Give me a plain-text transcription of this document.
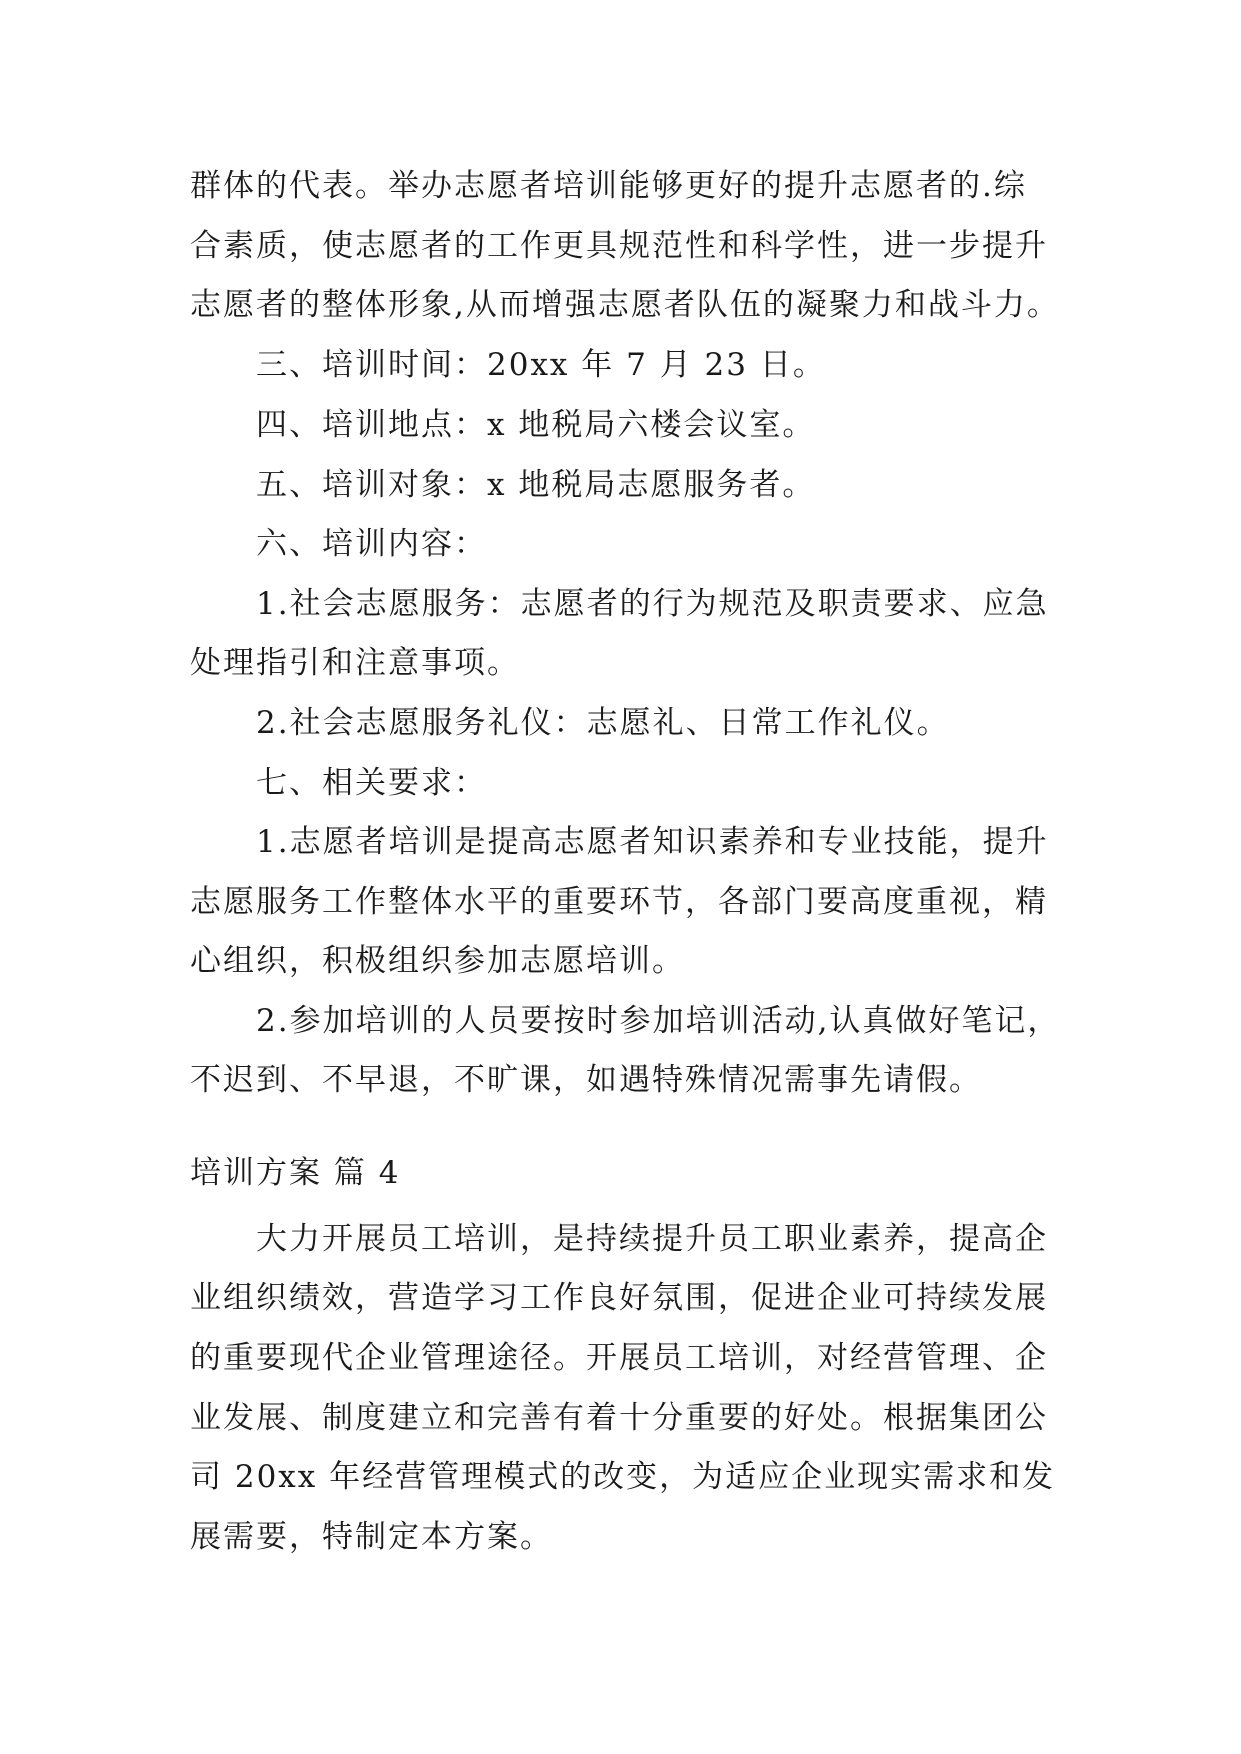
群体的代表。举办志愿者培训能够更好的提升志愿者的.综
合素质，使志愿者的工作更具规范性和科学性，进一步提升
志愿者的整体形象,从而增强志愿者队伍的凝聚力和战斗力。
三、培训时间：20xx 年 7 月 23 日。
四、培训地点：x 地税局六楼会议室。
五、培训对象：x 地税局志愿服务者。
六、培训内容：
1.社会志愿服务：志愿者的行为规范及职责要求、应急
处理指引和注意事项。
2.社会志愿服务礼仪：志愿礼、日常工作礼仪。
七、相关要求：
1.志愿者培训是提高志愿者知识素养和专业技能，提升
志愿服务工作整体水平的重要环节，各部门要高度重视，精
心组织，积极组织参加志愿培训。
2.参加培训的人员要按时参加培训活动,认真做好笔记，
不迟到、不早退，不旷课，如遇特殊情况需事先请假。
培训方案 篇 4
大力开展员工培训，是持续提升员工职业素养，提高企
业组织绩效，营造学习工作良好氛围，促进企业可持续发展
的重要现代企业管理途径。开展员工培训，对经营管理、企
业发展、制度建立和完善有着十分重要的好处。根据集团公
司 20xx 年经营管理模式的改变，为适应企业现实需求和发
展需要，特制定本方案。
